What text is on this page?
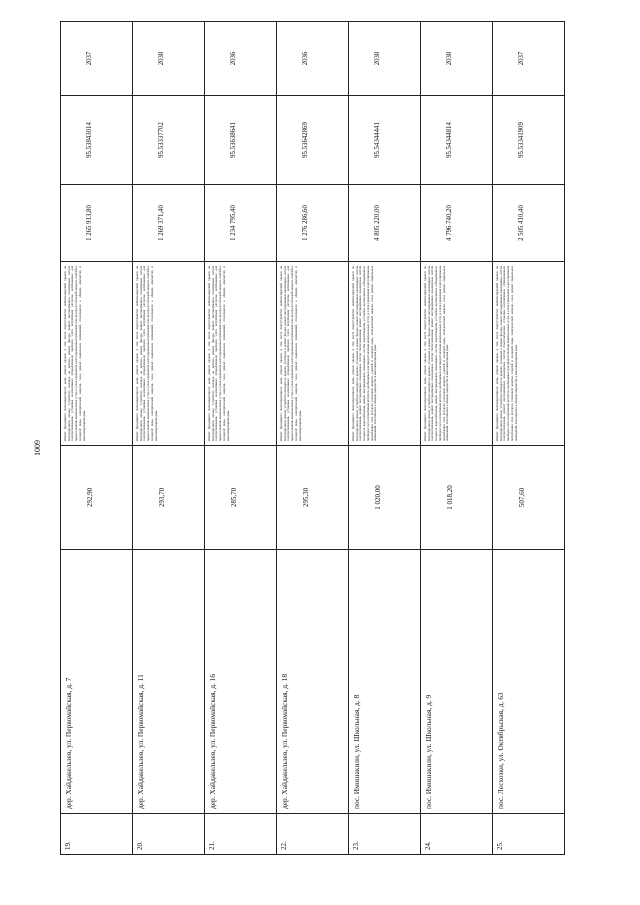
1009
19.	дер. Хайдакельзев, ул. Первомайская, д. 7	292,90	Ремонт фундамента многоквартирного дома, ремонт крыши, в том числе переустройство невентилируемой крыши на вентилируемую крышу, устройство выходов на кровлю, ремонт фасада, ремонт внутридомовых инженерных систем электроснабжения, установка коллективных (общедомовых) приборов учета потребления ресурсов, необходимых для предоставления коммунальных услуг, и узлов управления и регулирования потребления этих ресурсов (тепловой энергии, горячей и холодной воды, электрической энергии, газа), ремонт подвальных помещений, относящихся к общему имуществу в многоквартирном доме	1 265 913,80	95.53843014	2037

20.	дер. Хайдакельзев, ул. Первомайская, д. 11	293,70	Ремонт фундамента многоквартирного дома, ремонт крыши, в том числе переустройство невентилируемой крыши на вентилируемую крышу, устройство выходов на кровлю, ремонт фасада, ремонт внутридомовых инженерных систем электроснабжения, установка коллективных (общедомовых) приборов учета потребления ресурсов, необходимых для предоставления коммунальных услуг, и узлов управления и регулирования потребления этих ресурсов (тепловой энергии, горячей и холодной воды, электрической энергии, газа), ремонт подвальных помещений, относящихся к общему имуществу в многоквартирном доме	1 269 371,40	95.53337702	2038

21.	дер. Хайдакельзев, ул. Первомайская, д. 16	285,70	Ремонт фундамента многоквартирного дома, ремонт крыши, в том числе переустройство невентилируемой крыши на вентилируемую крышу, устройство выходов на кровлю, ремонт фасада, ремонт внутридомовых инженерных систем электроснабжения, установка коллективных (общедомовых) приборов учета потребления ресурсов, необходимых для предоставления коммунальных услуг, и узлов управления и регулирования потребления этих ресурсов (тепловой энергии, горячей и холодной воды, электрической энергии, газа), ремонт подвальных помещений, относящихся к общему имуществу в многоквартирном доме	1 234 795,40	95.53638641	2036

22.	дер. Хайдакельзев, ул. Первомайская, д. 18	295,30	Ремонт фундамента многоквартирного дома, ремонт крыши, в том числе переустройство невентилируемой крыши на вентилируемую крышу, устройство выходов на кровлю, утепление и ремонт фасада, ремонт внутридомовых инженерных систем электроснабжения, установка коллективных (общедомовых) приборов учета потребления ресурсов, необходимых для предоставления коммунальных услуг, и узлов управления и регулирования потребления этих ресурсов (тепловой энергии, горячей и холодной воды, электрической энергии, газа), ремонт подвальных помещений, относящихся к общему имуществу в многоквартирном доме	1 276 286,60	95.53642869	2036

23.	пос. Имишакили, ул. Школьная, д. 8	1 020,00	Ремонт фундамента многоквартирного дома, ремонт крыши, в том числе переустройство невентилируемой крыши на вентилируемую крышу, устройство выходов на кровлю, утепление и ремонт фасада, ремонт внутридомовых инженерных систем электроснабжения, ремонт внутридомовых инженерных систем теплоснабжения, ремонт внутридомовых инженерных систем холодного водоснабжения, ремонт внутридомовых инженерных систем водоотведения, установка коллективных (общедомовых) приборов учета потребления ресурсов, необходимых для предоставления коммунальных услуг, и узлов управления и регулирования потребления этих ресурсов (тепловой энергии, горячей и холодной воды, электрической энергии, газа), ремонт подвальных помещений, относящихся к общему имуществу в многоквартирном доме	4 805 220,00	95.54344441	2038

24.	пос. Имишакили, ул. Школьная, д. 9	1 018,20	Ремонт фундамента многоквартирного дома, ремонт крыши, в том числе переустройство невентилируемой крыши на вентилируемую крышу, устройство выходов на кровлю, утепление и ремонт фасада, ремонт внутридомовых инженерных систем электроснабжения, ремонт внутридомовых инженерных систем теплоснабжения, ремонт внутридомовых инженерных систем холодного водоснабжения, ремонт внутридомовых инженерных систем водоотведения, установка коллективных (общедомовых) приборов учета потребления ресурсов, необходимых для предоставления коммунальных услуг, и узлов управления и регулирования потребления этих ресурсов (тепловой энергии, горячей и холодной воды, электрической энергии, газа), ремонт подвальных помещений, относящихся к общему имуществу в многоквартирном доме	4 796 740,20	95.54344814	2038

25.	пос. Лесхозки, ул. Октябрьская, д. 63	507,60	Ремонт фундамента многоквартирного дома, ремонт крыши, в том числе переустройство невентилируемой крыши на вентилируемую крышу, устройство выходов на кровлю, утепление и ремонт фасада, ремонт внутридомовых инженерных систем электроснабжения, ремонт внутридомовых инженерных систем теплоснабжения, установка коллективных (общедомовых) приборов учета потребления ресурсов, необходимых для предоставления коммунальных услуг, и узлов управления и регулирования потребления этих ресурсов (тепловой энергии, горячей и холодной воды, электрической энергии, газа), ремонт подвальных помещений, относящихся к общему имуществу в многоквартирном доме	2 505 410,40	95.53341909	2037
